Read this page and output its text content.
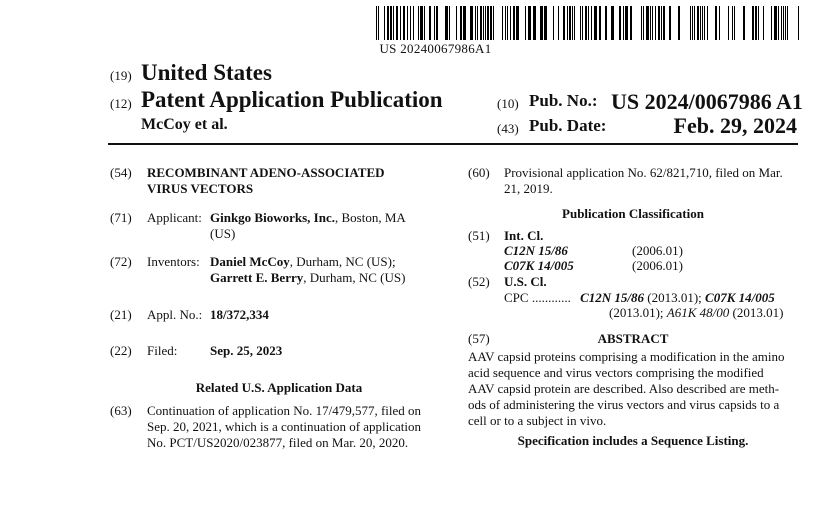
US 20240067986A1
(19) United States
(12) Patent Application Publication
McCoy et al.
(10) Pub. No.: US 2024/0067986 A1
(43) Pub. Date:	Feb. 29, 2024
(54) RECOMBINANT ADENO-ASSOCIATED
VIRUS VECTORS
(71) Applicant: Ginkgo Bioworks, Inc., Boston, MA
(US)
(72) Inventors: Daniel McCoy, Durham, NC (US);
Garrett E. Berry, Durham, NC (US)
(21) Appl. No.: 18/372,334
(22) Filed:	Sep. 25, 2023
Related U.S. Application Data
(63) Continuation of application No. 17/479,577, filed on
Sep. 20, 2021, which is a continuation of application
No. PCT/US2020/023877, filed on Mar. 20, 2020.
(60) Provisional application No. 62/821,710, filed on Mar.
21, 2019.
Publication Classification
(51) Int. Cl.
C12N 15/86	(2006.01)
C07K 14/005	(2006.01)
(52) U.S. Cl.
CPC ............ C12N 15/86 (2013.01); C07K 14/005
(2013.01); A61K 48/00 (2013.01)
(57)	ABSTRACT
AAV capsid proteins comprising a modification in the amino
acid sequence and virus vectors comprising the modified
AAV capsid protein are described. Also described are meth-
ods of administering the virus vectors and virus capsids to a
cell or to a subject in vivo.
Specification includes a Sequence Listing.
